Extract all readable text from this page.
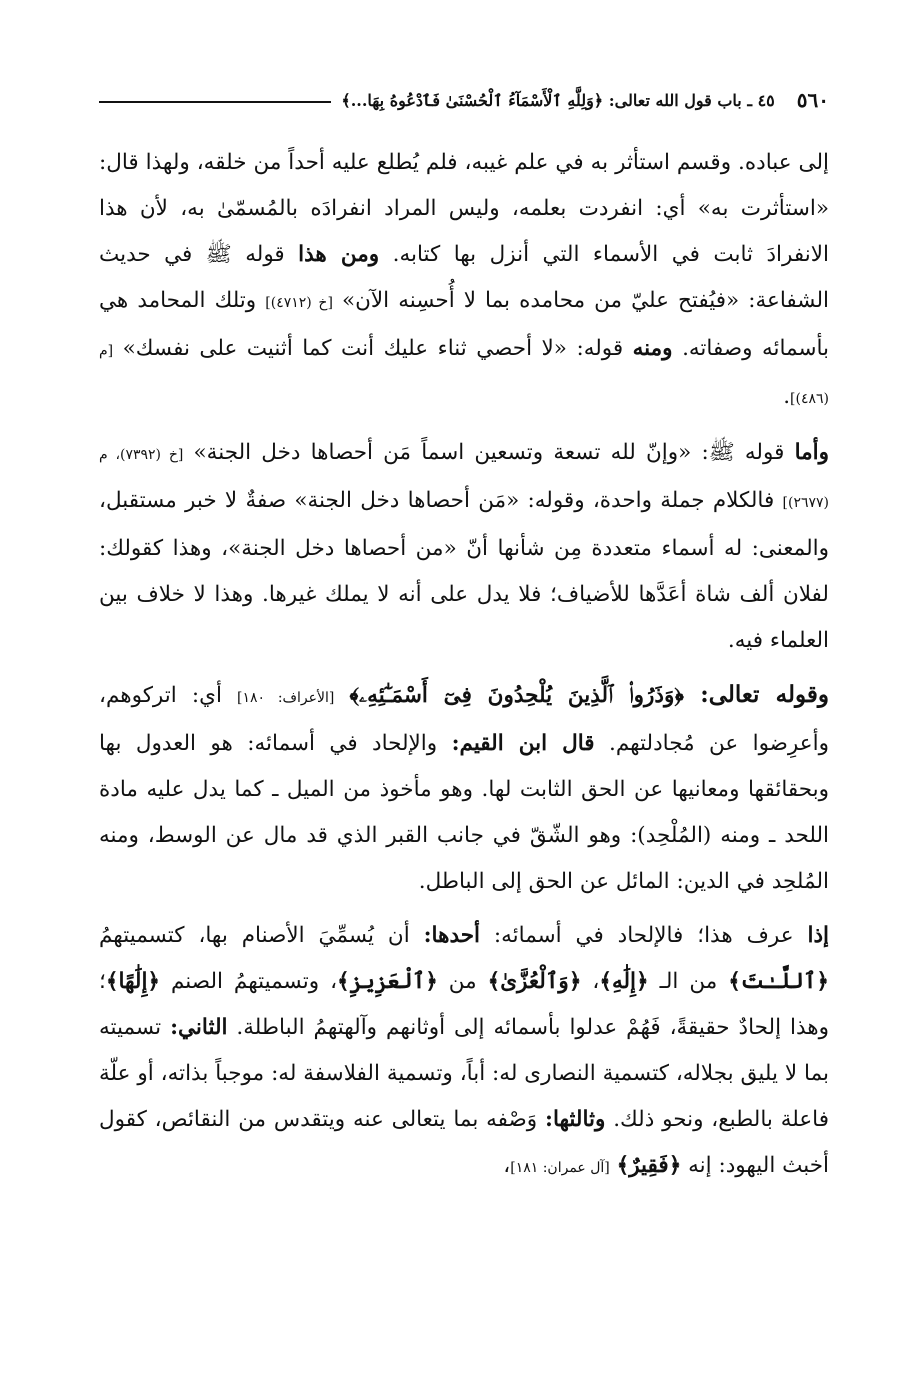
٥٦٠
٤٥ ـ باب قول الله تعالى: ﴿وَلِلَّهِ ٱلْأَسْمَآءُ ٱلْحُسْنَىٰ فَٱدْعُوهُ بِهَا...﴾

إلى عباده. وقسم استأثر به في علم غيبه، فلم يُطلع عليه أحداً من خلقه، ولهذا قال: «استأثرت به» أي: انفردت بعلمه، وليس المراد انفرادَه بالمُسمّىٰ به، لأن هذا الانفرادَ ثابت في الأسماء التي أنزل بها كتابه. ومن هذا قوله ﷺ في حديث الشفاعة: «فيُفتح عليّ من محامده بما لا أُحسِنه الآن» [خ (٤٧١٢)] وتلك المحامد هي بأسمائه وصفاته. ومنه قوله: «لا أحصي ثناء عليك أنت كما أثنيت على نفسك» [م (٤٨٦)].

وأما قوله ﷺ: «وإنّ لله تسعة وتسعين اسماً مَن أحصاها دخل الجنة» [خ (٧٣٩٢)، م (٢٦٧٧)] فالكلام جملة واحدة، وقوله: «مَن أحصاها دخل الجنة» صفةٌ لا خبر مستقبل، والمعنى: له أسماء متعددة مِن شأنها أنّ «من أحصاها دخل الجنة»، وهذا كقولك: لفلان ألف شاة أعَدَّها للأضياف؛ فلا يدل على أنه لا يملك غيرها. وهذا لا خلاف بين العلماء فيه.

وقوله تعالى: ﴿وَذَرُوا۟ ٱلَّذِينَ يُلْحِدُونَ فِىٓ أَسْمَـٰٓئِهِۦ﴾ [الأعراف: ١٨٠] أي: اتركوهم، وأعرِضوا عن مُجادلتهم. قال ابن القيم: والإلحاد في أسمائه: هو العدول بها وبحقائقها ومعانيها عن الحق الثابت لها. وهو مأخوذ من الميل ـ كما يدل عليه مادة اللحد ـ ومنه (المُلْحِد): وهو الشّقّ في جانب القبر الذي قد مال عن الوسط، ومنه المُلحِد في الدين: المائل عن الحق إلى الباطل.

إذا عرف هذا؛ فالإلحاد في أسمائه: أحدها: أن يُسمِّيَ الأصنام بها، كتسميتهمُ ﴿ٱللَّـٰتَ﴾ من الـ ﴿إِلَٰهِ﴾، ﴿وَٱلْعُزَّىٰ﴾ من ﴿ٱلْعَزِيزِ﴾، وتسميتهمُ الصنم ﴿إِلَٰهًا﴾؛ وهذا إلحادٌ حقيقةً، فَهُمْ عدلوا بأسمائه إلى أوثانهم وآلهتهمُ الباطلة. الثاني: تسميته بما لا يليق بجلاله، كتسمية النصارى له: أباً، وتسمية الفلاسفة له: موجباً بذاته، أو علّة فاعلة بالطبع، ونحو ذلك. وثالثها: وَصْفه بما يتعالى عنه ويتقدس من النقائص، كقول أخبث اليهود: إنه ﴿فَقِيرٌ﴾ [آل عمران: ١٨١]،
